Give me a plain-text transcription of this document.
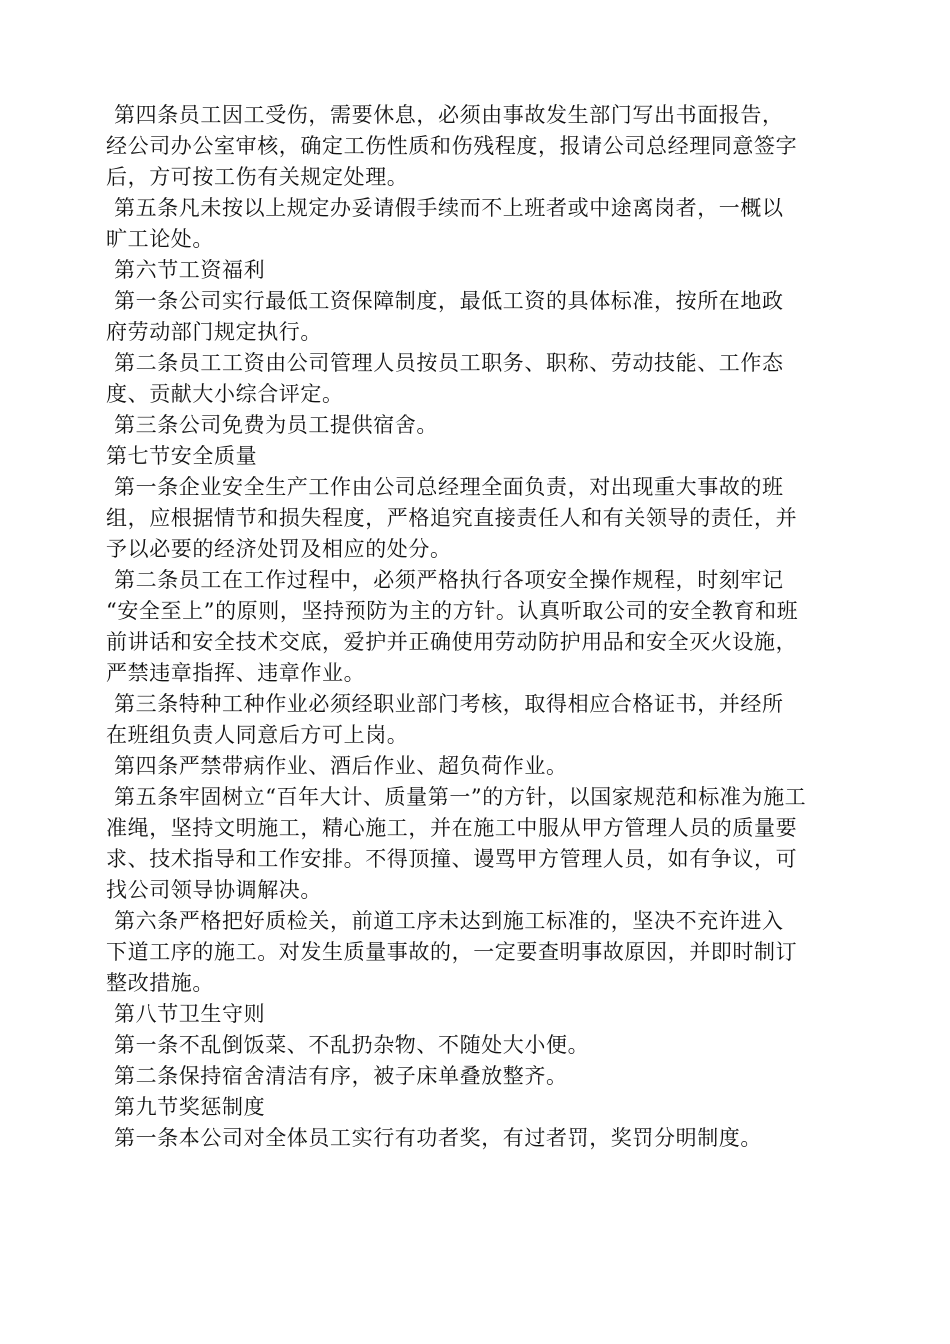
第四条员工因工受伤，需要休息，必须由事故发生部门写出书面报告，
经公司办公室审核，确定工伤性质和伤残程度，报请公司总经理同意签字
后，方可按工伤有关规定处理。
第五条凡未按以上规定办妥请假手续而不上班者或中途离岗者，一概以
旷工论处。
第六节工资福利
第一条公司实行最低工资保障制度，最低工资的具体标准，按所在地政
府劳动部门规定执行。
第二条员工工资由公司管理人员按员工职务、职称、劳动技能、工作态
度、贡献大小综合评定。
第三条公司免费为员工提供宿舍。
第七节安全质量
第一条企业安全生产工作由公司总经理全面负责，对出现重大事故的班
组，应根据情节和损失程度，严格追究直接责任人和有关领导的责任，并
予以必要的经济处罚及相应的处分。
第二条员工在工作过程中，必须严格执行各项安全操作规程，时刻牢记
“安全至上”的原则，坚持预防为主的方针。认真听取公司的安全教育和班
前讲话和安全技术交底，爱护并正确使用劳动防护用品和安全灭火设施，
严禁违章指挥、违章作业。
第三条特种工种作业必须经职业部门考核，取得相应合格证书，并经所
在班组负责人同意后方可上岗。
第四条严禁带病作业、酒后作业、超负荷作业。
第五条牢固树立“百年大计、质量第一”的方针，以国家规范和标准为施工
准绳，坚持文明施工，精心施工，并在施工中服从甲方管理人员的质量要
求、技术指导和工作安排。不得顶撞、谩骂甲方管理人员，如有争议，可
找公司领导协调解决。
第六条严格把好质检关，前道工序未达到施工标准的，坚决不充许进入
下道工序的施工。对发生质量事故的，一定要查明事故原因，并即时制订
整改措施。
第八节卫生守则
第一条不乱倒饭菜、不乱扔杂物、不随处大小便。
第二条保持宿舍清洁有序，被子床单叠放整齐。
第九节奖惩制度
第一条本公司对全体员工实行有功者奖，有过者罚，奖罚分明制度。
